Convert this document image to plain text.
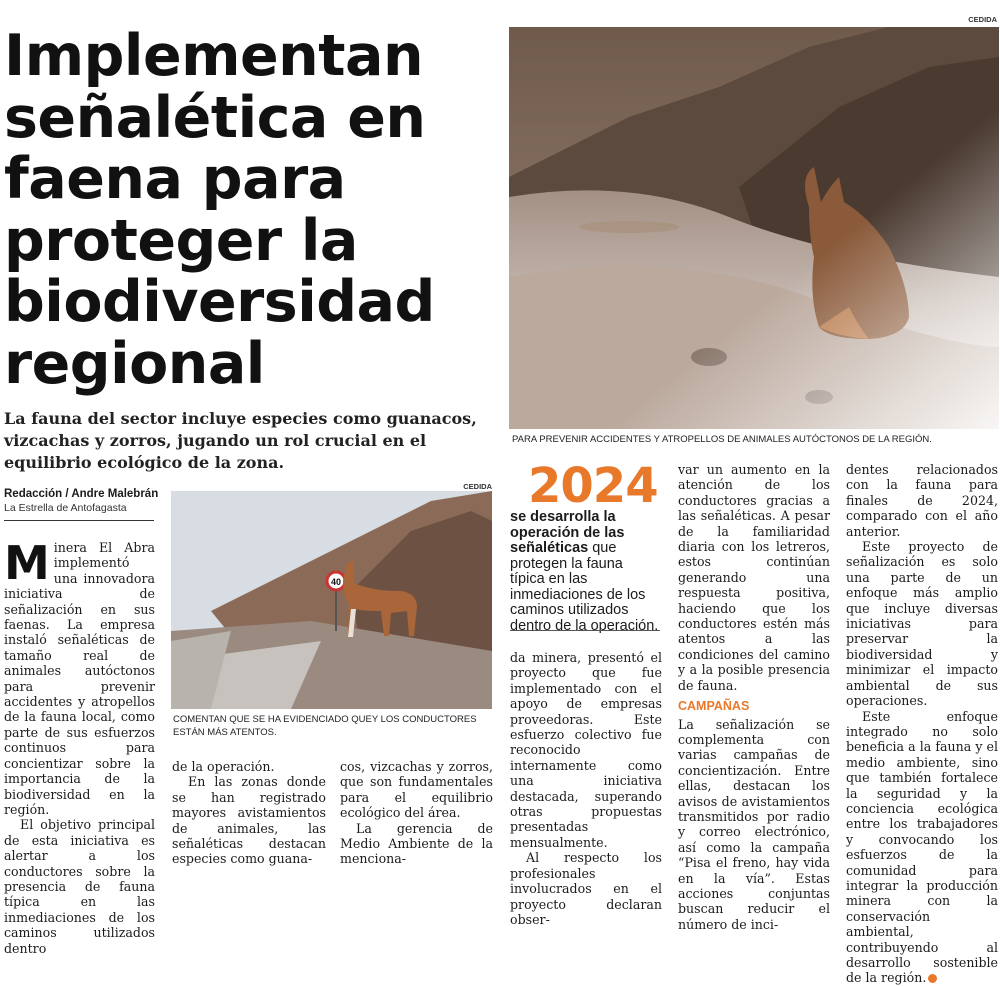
Implementan
señalética en
faena para
proteger la
biodiversidad
regional
CEDIDA
PARA PREVENIR ACCIDENTES Y ATROPELLOS DE ANIMALES AUTÓCTONOS DE LA REGIÓN.

La fauna del sector incluye especies como guanacos, vizcachas y zorros, jugando un rol crucial en el equilibrio ecológico de la zona.

Redacción / Andre Malebrán
La Estrella de Antofagasta
CEDIDA
40
COMENTAN QUE SE HA EVIDENCIADO QUEY LOS CONDUCTORES ESTÁN MÁS ATENTOS.

Minera El Abra implementó una innovadora iniciativa de señalización en sus faenas. La empresa instaló señaléticas de tamaño real de animales autóctonos para prevenir accidentes y atropellos de la fauna local, como parte de sus esfuerzos continuos para concientizar sobre la importancia de la biodiversidad en la región.

El objetivo principal de esta iniciativa es alertar a los conductores sobre la presencia de fauna típica en las inmediaciones de los caminos utilizados dentro

de la operación.

En las zonas donde se han registrado mayores avistamientos de animales, las señaléticas destacan especies como guana-

cos, vizcachas y zorros, que son fundamentales para el equilibrio ecológico del área.

La gerencia de Medio Ambiente de la menciona-

2024
se desarrolla la operación de las señaléticas que protegen la fauna típica en las inmediaciones de los caminos utilizados dentro de la operación.

da minera, presentó el proyecto que fue implementado con el apoyo de empresas proveedoras. Este esfuerzo colectivo fue reconocido internamente como una iniciativa destacada, superando otras propuestas presentadas mensualmente.

Al respecto los profesionales involucrados en el proyecto declaran obser-

var un aumento en la atención de los conductores gracias a las señaléticas. A pesar de la familiaridad diaria con los letreros, estos continúan generando una respuesta positiva, haciendo que los conductores estén más atentos a las condiciones del camino y a la posible presencia de fauna.

CAMPAÑAS

La señalización se complementa con varias campañas de concientización. Entre ellas, destacan los avisos de avistamientos transmitidos por radio y correo electrónico, así como la campaña “Pisa el freno, hay vida en la vía”. Estas acciones conjuntas buscan reducir el número de inci-

dentes relacionados con la fauna para finales de 2024, comparado con el año anterior.

Este proyecto de señalización es solo una parte de un enfoque más amplio que incluye diversas iniciativas para preservar la biodiversidad y minimizar el impacto ambiental de sus operaciones.

Este enfoque integrado no solo beneficia a la fauna y el medio ambiente, sino que también fortalece la seguridad y la conciencia ecológica entre los trabajadores y convocando los esfuerzos de la comunidad para integrar la producción minera con la conservación ambiental, contribuyendo al desarrollo sostenible de la región. ✚
